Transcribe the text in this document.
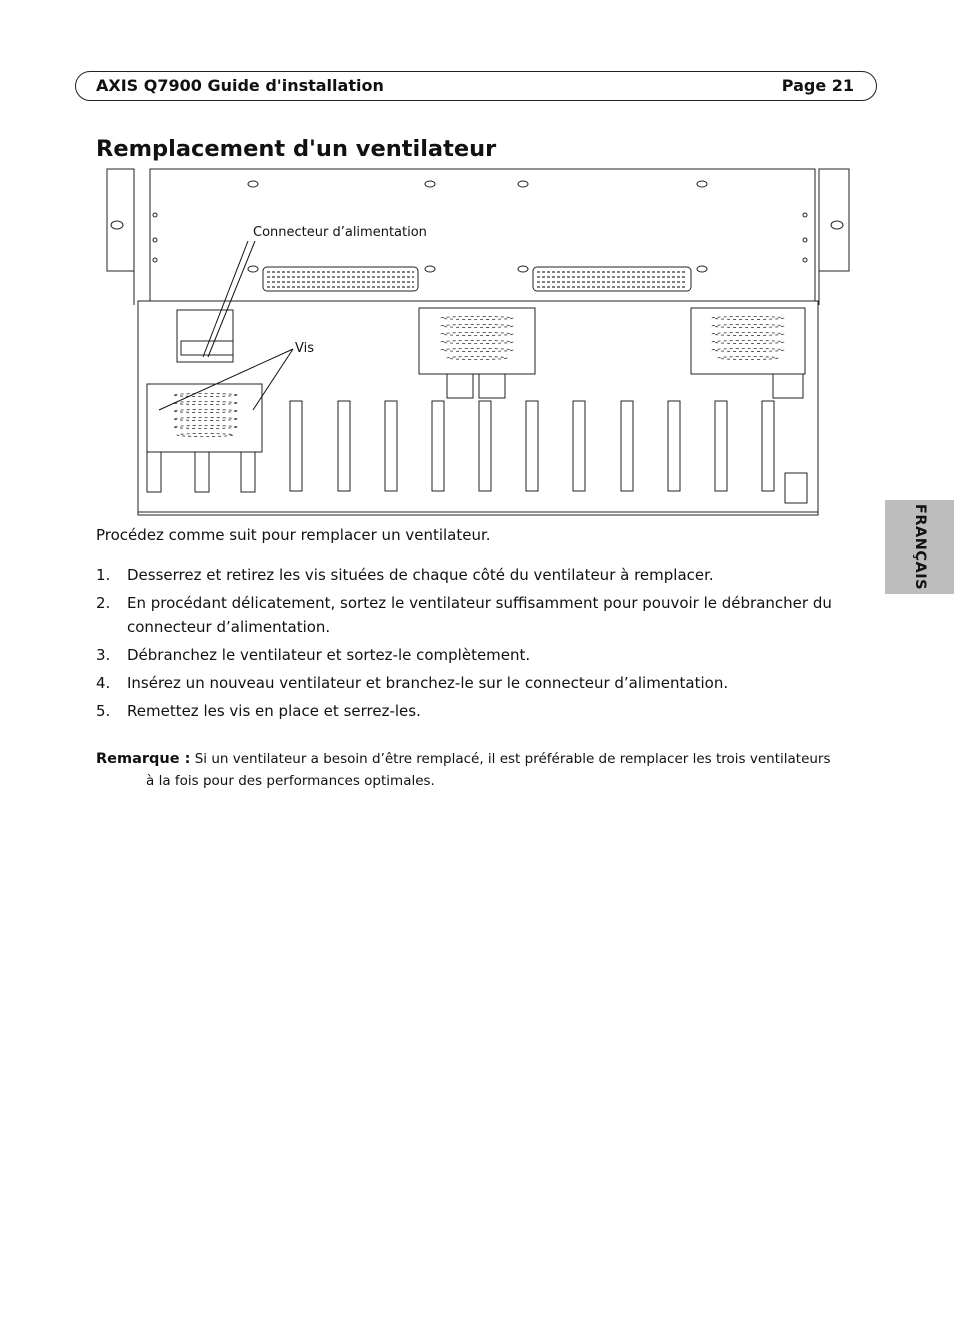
AXIS Q7900 Guide d'installation	Page 21
Remplacement d'un ventilateur
Connecteur d’alimentation
Vis
FRANÇAIS
Procédez comme suit pour remplacer un ventilateur.
1. Desserrez et retirez les vis situées de chaque côté du ventilateur à remplacer.
2. En procédant délicatement, sortez le ventilateur suffisamment pour pouvoir le débrancher du connecteur d’alimentation.
3. Débranchez le ventilateur et sortez-le complètement.
4. Insérez un nouveau ventilateur et branchez-le sur le connecteur d’alimentation.
5. Remettez les vis en place et serrez-les.
Remarque : Si un ventilateur a besoin d’être remplacé, il est préférable de remplacer les trois ventilateurs
à la fois pour des performances optimales.
